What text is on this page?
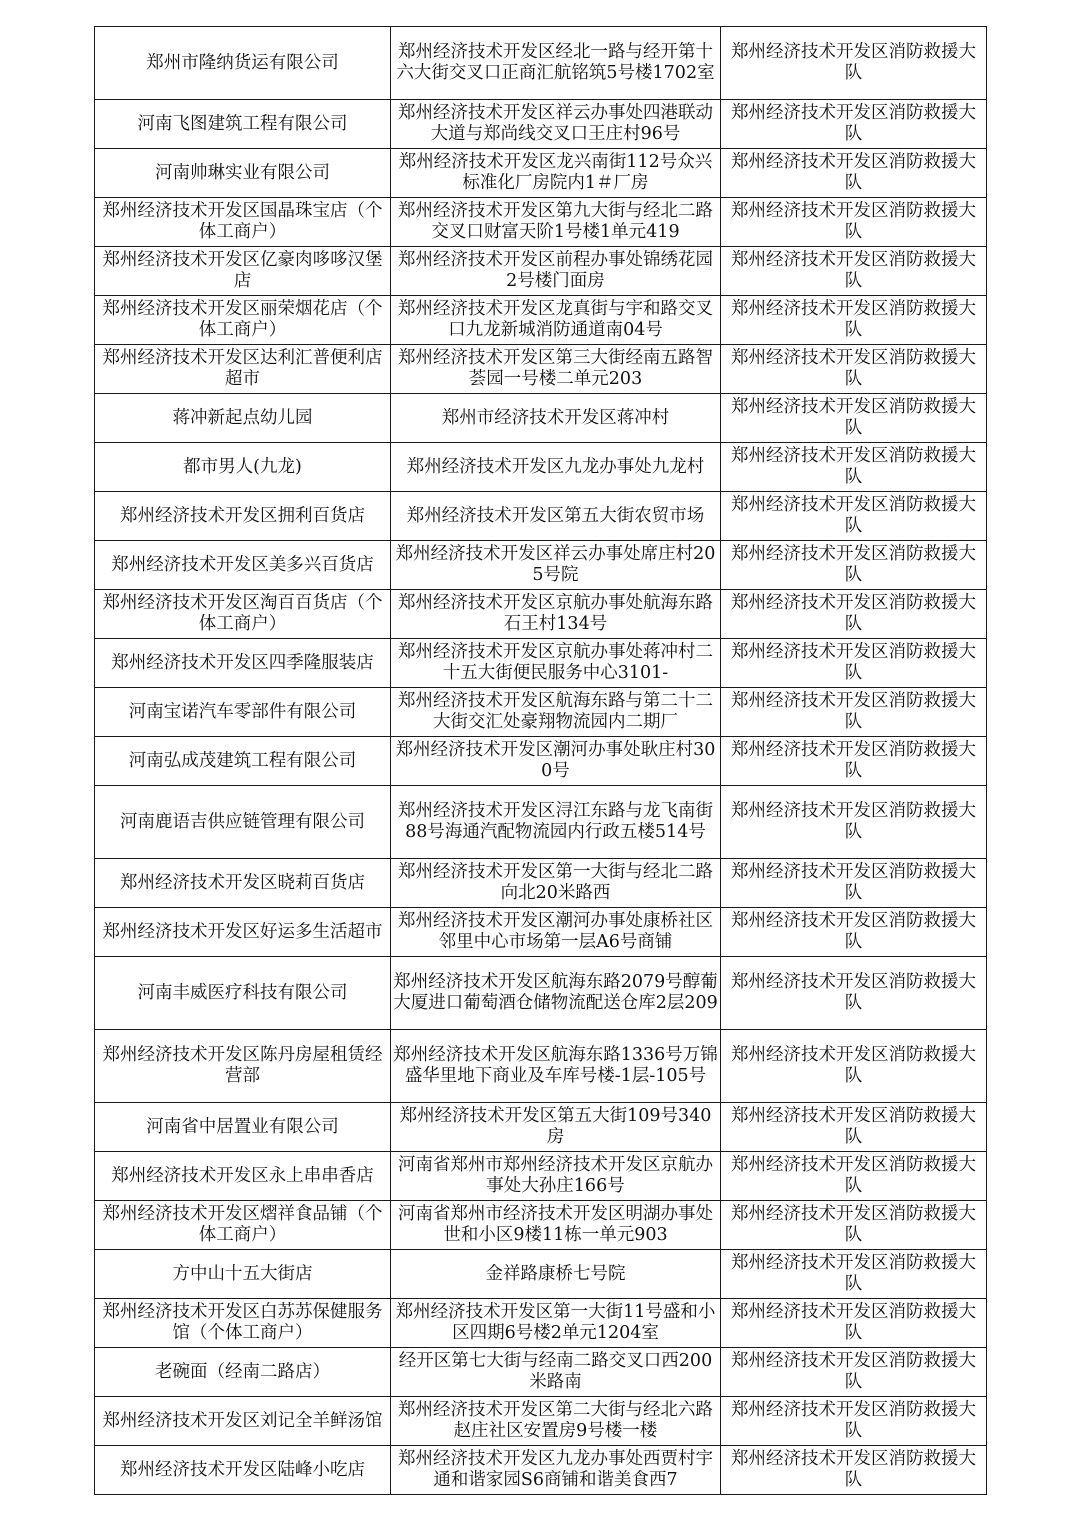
郑州市隆纳货运有限公司	郑州经济技术开发区经北一路与经开第十六大街交叉口正商汇航铭筑5号楼1702室	郑州经济技术开发区消防救援大队
河南飞图建筑工程有限公司	郑州经济技术开发区祥云办事处四港联动大道与郑尚线交叉口王庄村96号	郑州经济技术开发区消防救援大队
河南帅琳实业有限公司	郑州经济技术开发区龙兴南街112号众兴标准化厂房院内1＃厂房	郑州经济技术开发区消防救援大队
郑州经济技术开发区国晶珠宝店（个体工商户）	郑州经济技术开发区第九大街与经北二路交叉口财富天阶1号楼1单元419	郑州经济技术开发区消防救援大队
郑州经济技术开发区亿豪肉哆哆汉堡店	郑州经济技术开发区前程办事处锦绣花园2号楼门面房	郑州经济技术开发区消防救援大队
郑州经济技术开发区丽荣烟花店（个体工商户）	郑州经济技术开发区龙真街与宇和路交叉口九龙新城消防通道南04号	郑州经济技术开发区消防救援大队
郑州经济技术开发区达利汇普便利店超市	郑州经济技术开发区第三大街经南五路智荟园一号楼二单元203	郑州经济技术开发区消防救援大队
蒋冲新起点幼儿园	郑州市经济技术开发区蒋冲村	郑州经济技术开发区消防救援大队
都市男人(九龙)	郑州经济技术开发区九龙办事处九龙村	郑州经济技术开发区消防救援大队
郑州经济技术开发区拥利百货店	郑州经济技术开发区第五大街农贸市场	郑州经济技术开发区消防救援大队
郑州经济技术开发区美多兴百货店	郑州经济技术开发区祥云办事处席庄村205号院	郑州经济技术开发区消防救援大队
郑州经济技术开发区淘百百货店（个体工商户）	郑州经济技术开发区京航办事处航海东路石王村134号	郑州经济技术开发区消防救援大队
郑州经济技术开发区四季隆服装店	郑州经济技术开发区京航办事处蒋冲村二十五大街便民服务中心3101-	郑州经济技术开发区消防救援大队
河南宝诺汽车零部件有限公司	郑州经济技术开发区航海东路与第二十二大街交汇处豪翔物流园内二期厂	郑州经济技术开发区消防救援大队
河南弘成茂建筑工程有限公司	郑州经济技术开发区潮河办事处耿庄村300号	郑州经济技术开发区消防救援大队
河南鹿语吉供应链管理有限公司	郑州经济技术开发区浔江东路与龙飞南街88号海通汽配物流园内行政五楼514号	郑州经济技术开发区消防救援大队
郑州经济技术开发区晓莉百货店	郑州经济技术开发区第一大街与经北二路向北20米路西	郑州经济技术开发区消防救援大队
郑州经济技术开发区好运多生活超市	郑州经济技术开发区潮河办事处康桥社区邻里中心市场第一层A6号商铺	郑州经济技术开发区消防救援大队
河南丰威医疗科技有限公司	郑州经济技术开发区航海东路2079号醇葡大厦进口葡萄酒仓储物流配送仓库2层209	郑州经济技术开发区消防救援大队
郑州经济技术开发区陈丹房屋租赁经营部	郑州经济技术开发区航海东路1336号万锦盛华里地下商业及车库号楼-1层-105号	郑州经济技术开发区消防救援大队
河南省中居置业有限公司	郑州经济技术开发区第五大街109号340房	郑州经济技术开发区消防救援大队
郑州经济技术开发区永上串串香店	河南省郑州市郑州经济技术开发区京航办事处大孙庄166号	郑州经济技术开发区消防救援大队
郑州经济技术开发区熠祥食品铺（个体工商户）	河南省郑州市经济技术开发区明湖办事处世和小区9楼11栋一单元903	郑州经济技术开发区消防救援大队
方中山十五大街店	金祥路康桥七号院	郑州经济技术开发区消防救援大队
郑州经济技术开发区白苏苏保健服务馆（个体工商户）	郑州经济技术开发区第一大街11号盛和小区四期6号楼2单元1204室	郑州经济技术开发区消防救援大队
老碗面（经南二路店）	经开区第七大街与经南二路交叉口西200米路南	郑州经济技术开发区消防救援大队
郑州经济技术开发区刘记全羊鲜汤馆	郑州经济技术开发区第二大街与经北六路赵庄社区安置房9号楼一楼	郑州经济技术开发区消防救援大队
郑州经济技术开发区陆峰小吃店	郑州经济技术开发区九龙办事处西贾村宇通和谐家园S6商铺和谐美食西7	郑州经济技术开发区消防救援大队
